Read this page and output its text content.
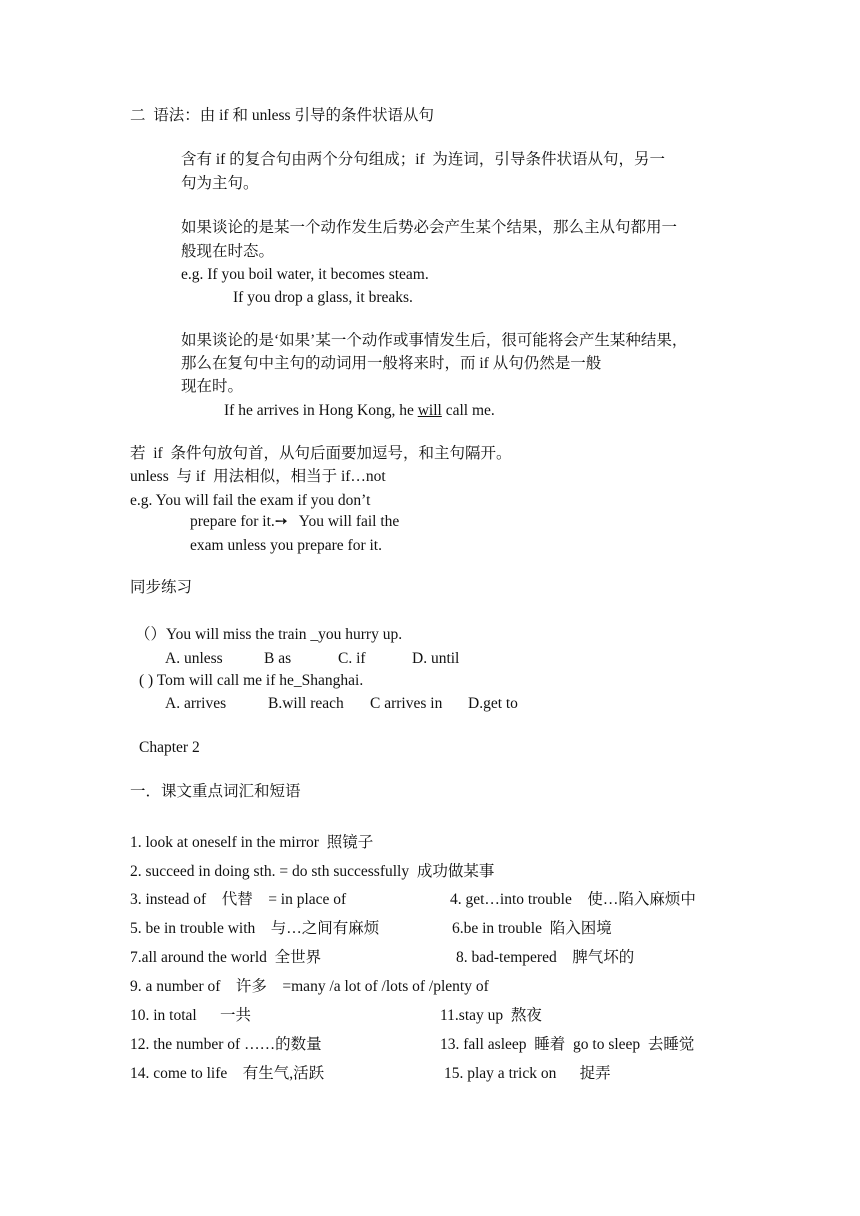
二  语法：由 if 和 unless 引导的条件状语从句
含有 if 的复合句由两个分句组成；if  为连词，引导条件状语从句，另一
句为主句。
如果谈论的是某一个动作发生后势必会产生某个结果，那么主从句都用一
般现在时态。
e.g. If you boil water, it becomes steam.
If you drop a glass, it breaks.
如果谈论的是‘如果’某一个动作或事情发生后，很可能将会产生某种结果，
那么在复句中主句的动词用一般将来时，而 if 从句仍然是一般
现在时。
If he arrives in Hong Kong, he will call me.
若  if  条件句放句首，从句后面要加逗号，和主句隔开。
unless  与 if  用法相似，相当于 if…not
e.g. You will fail the exam if you don’t
prepare for it.➙   You will fail the
exam unless you prepare for it.
同步练习
（）You will miss the train _you hurry up.
A. unless	B as	C. if	D. until
( ) Tom will call me if he_Shanghai.
A. arrives	B.will reach C arrives in D.get to
Chapter 2
一．课文重点词汇和短语
1. look at oneself in the mirror  照镜子
2. succeed in doing sth. = do sth successfully  成功做某事
3. instead of    代替    = in place of	4. get…into trouble    使…陷入麻烦中
5. be in trouble with    与…之间有麻烦	6.be in trouble  陷入困境
7.all around the world  全世界	8. bad-tempered    脾气坏的
9. a number of    许多    =many /a lot of /lots of /plenty of
10. in total      一共	11.stay up  熬夜
12. the number of ……的数量	13. fall asleep  睡着  go to sleep  去睡觉
14. come to life    有生气,活跃	15. play a trick on      捉弄
